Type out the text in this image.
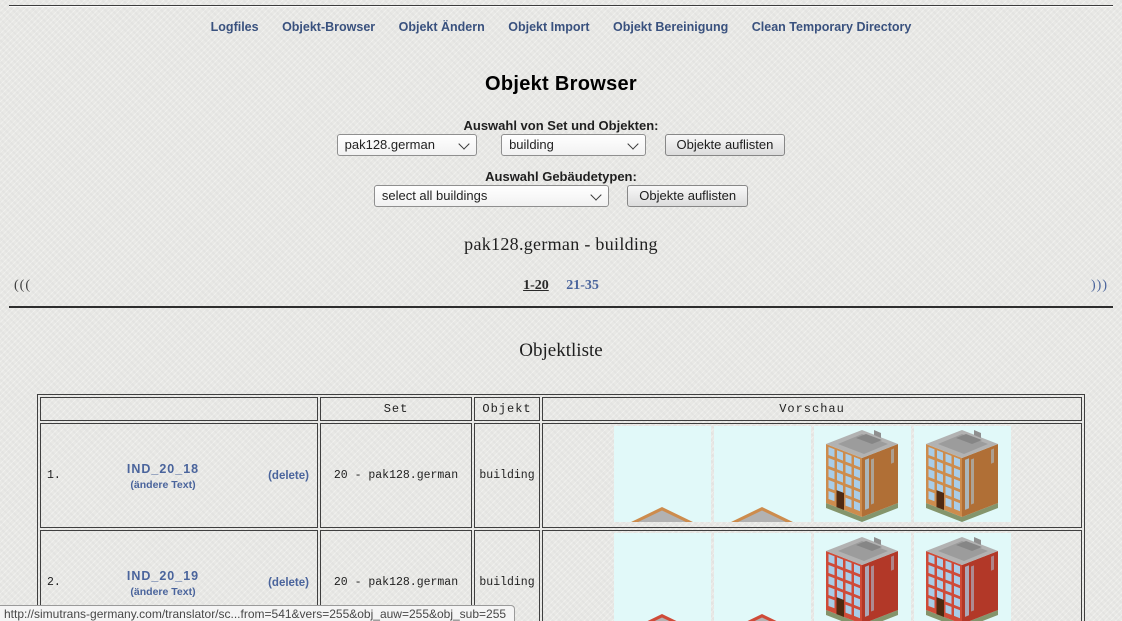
Logfiles Objekt-Browser Objekt Ändern Objekt Import Objekt Bereinigung Clean Temporary Directory
Objekt Browser
Auswahl von Set und Objekten:
pak128.german
building Objekte auflisten
Auswahl Gebäudetypen:
select all buildings Objekte auflisten
pak128.german - building
(((	1-20 21-35	)))
Objektliste
	Set	Objekt	Vorschau

1. IND_20_18
(ändere Text)
(delete)	20 - pak128.german	building	

2. IND_20_19
(ändere Text)
(delete)	20 - pak128.german	building	
http://simutrans-germany.com/translator/sc...from=541&vers=255&obj_auw=255&obj_sub=255
